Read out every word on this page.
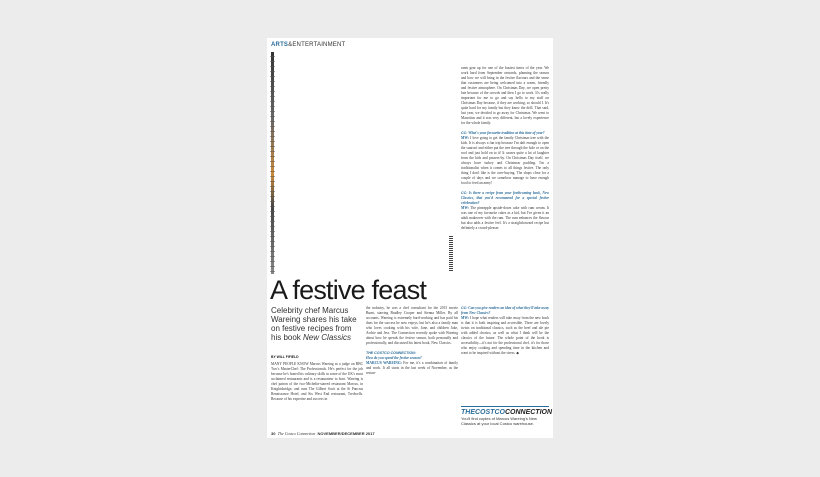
ARTS&ENTERTAINMENT
A festive feast
Celebrity chef Marcus Wareing shares his take on festive recipes from his book New Classics
BY WILL FIFIELD
MANY PEOPLE KNOW Marcus Wareing as a judge on BBC Two's MasterChef: The Professionals. He's perfect for the job because he's honed his culinary skills in some of the UK's most acclaimed restaurants and is a restaurateur to boot. Wareing is chef patron of the two-Michelin-starred restaurant Marcus, in Knightsbridge, and runs The Gilbert Scott at the St Pancras Renaissance Hotel, and Six West End restaurant, Tredwells. Because of his expertise and success in
the industry, he was a chef consultant for the 2015 movie Burnt, starring Bradley Cooper and Sienna Miller. By all accounts, Wareing is extremely hard-working and has paid his dues for the success he now enjoys, but he's also a family man who loves cooking with his wife, Jane, and children Jake, Archie and Jess. The Connection recently spoke with Wareing about how he spends the festive season, both personally and professionally, and discussed his latest book, New Classics.
THE COSTCO CONNECTION:
How do you spend the festive season?
MARCUS WAREING: For me, it's a combination of family and work. It all starts in the last week of November, as the restau-
rants gear up for one of the busiest times of the year. We work hard from September onwards, planning the season and how we will bring in the festive flavours and the sense that customers are being welcomed into a warm, friendly and festive atmosphere. On Christmas Day, we open pretty late because of the crowds and then I go to work. It's really important for me to go and say hello to my staff on Christmas Day because, if they are working, so should I. It's quite hard for my family but they know the drill. That said, last year, we decided to go away for Christmas. We went to Mauritius and it was very different, but a lovely experience for the whole family.
CC: What's your favourite tradition at this time of year?
MW: I love going to get the family Christmas tree with the kids. It is always a fun trip because I'm daft enough to open the sunroof and either put the tree through the hole or on the roof and just hold on to it! It causes quite a lot of laughter from the kids and passers-by. On Christmas Day itself, we always have turkey and Christmas pudding. I'm a traditionalist when it comes to all things festive. The only thing I don't like is the over-buying. The shops close for a couple of days and we somehow manage to have enough food to feed an army!
CC: Is there a recipe from your forthcoming book, New Classics, that you'd recommend for a special festive celebration?
MW: The pineapple upside-down cake with rum cream. It was one of my favourite cakes as a kid, but I've given it an adult makeover with the rum. The rum enhances the flavour but also adds a festive feel. It's a straightforward recipe but definitely a crowd-pleaser.
CC: Can you give readers an idea of what they'll take away from New Classics?
MW: I hope what readers will take away from the new book is that it is both inspiring and accessible. There are lovely twists on traditional classics, such as the beef and ale pie with added chorizo, as well as what I think will be the classics of the future. The whole point of the book is accessibility—it's not for the professional chef, it's for those who enjoy cooking and spending time in the kitchen and want to be inspired without the stress. ◆
THECOSTCOCONNECTION
You'll find copies of Marcus Wareing's New Classics at your local Costco warehouse.
30 The Costco Connection NOVEMBER/DECEMBER 2017
